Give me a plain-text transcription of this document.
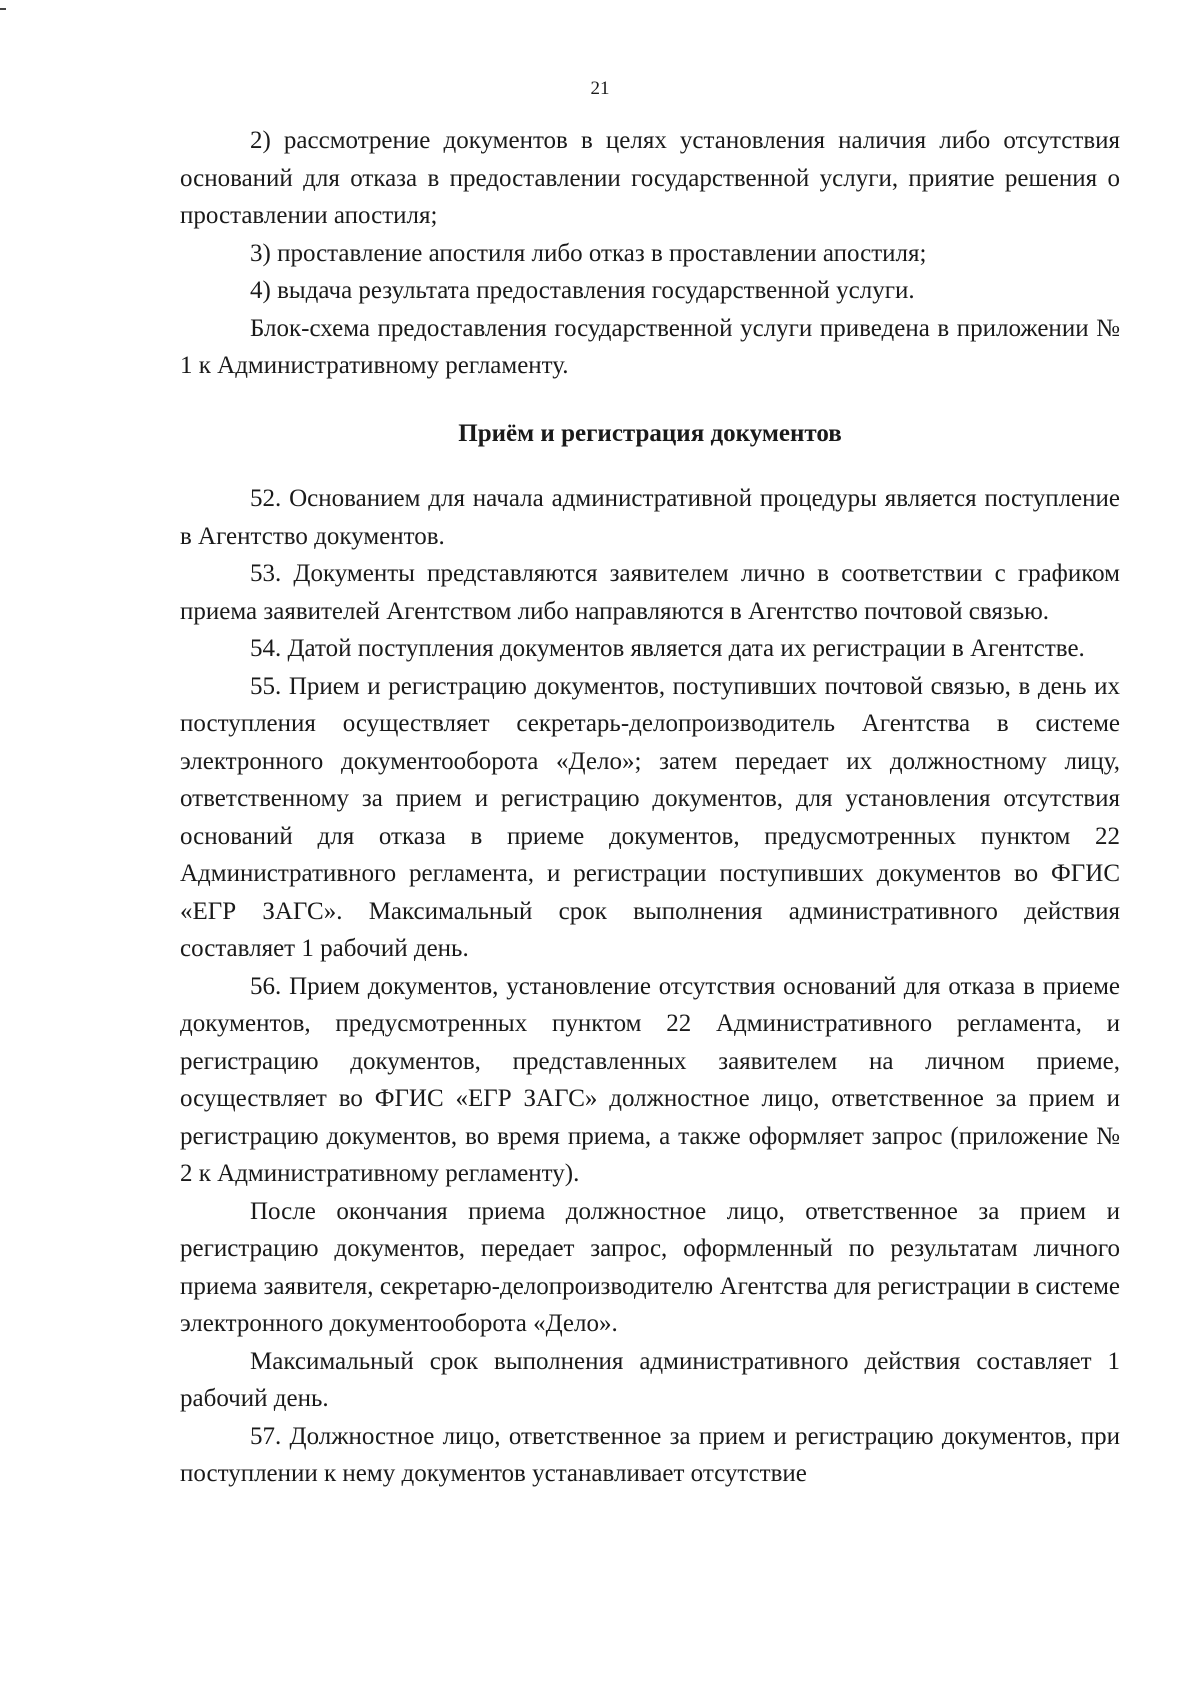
21

2) рассмотрение документов в целях установления наличия либо отсутствия оснований для отказа в предоставлении государственной услуги, приятие решения о проставлении апостиля;

3) проставление апостиля либо отказ в проставлении апостиля;

4) выдача результата предоставления государственной услуги.

Блок-схема предоставления государственной услуги приведена в приложении № 1 к Административному регламенту.

Приём и регистрация документов

52. Основанием для начала административной процедуры является поступление в Агентство документов.

53. Документы представляются заявителем лично в соответствии с графиком приема заявителей Агентством либо направляются в Агентство почтовой связью.

54. Датой поступления документов является дата их регистрации в Агентстве.

55. Прием и регистрацию документов, поступивших почтовой связью, в день их поступления осуществляет секретарь-делопроизводитель Агентства в системе электронного документооборота «Дело»; затем передает их должностному лицу, ответственному за прием и регистрацию документов, для установления отсутствия оснований для отказа в приеме документов, предусмотренных пунктом 22 Административного регламента, и регистрации поступивших документов во ФГИС «ЕГР ЗАГС». Максимальный срок выполнения административного действия составляет 1 рабочий день.

56. Прием документов, установление отсутствия оснований для отказа в приеме документов, предусмотренных пунктом 22 Административного регламента, и регистрацию документов, представленных заявителем на личном приеме, осуществляет во ФГИС «ЕГР ЗАГС» должностное лицо, ответственное за прием и регистрацию документов, во время приема, а также оформляет запрос (приложение № 2 к Административному регламенту).

После окончания приема должностное лицо, ответственное за прием и регистрацию документов, передает запрос, оформленный по результатам личного приема заявителя, секретарю-делопроизводителю Агентства для регистрации в системе электронного документооборота «Дело».

Максимальный срок выполнения административного действия составляет 1 рабочий день.

57. Должностное лицо, ответственное за прием и регистрацию документов, при поступлении к нему документов устанавливает отсутствие
